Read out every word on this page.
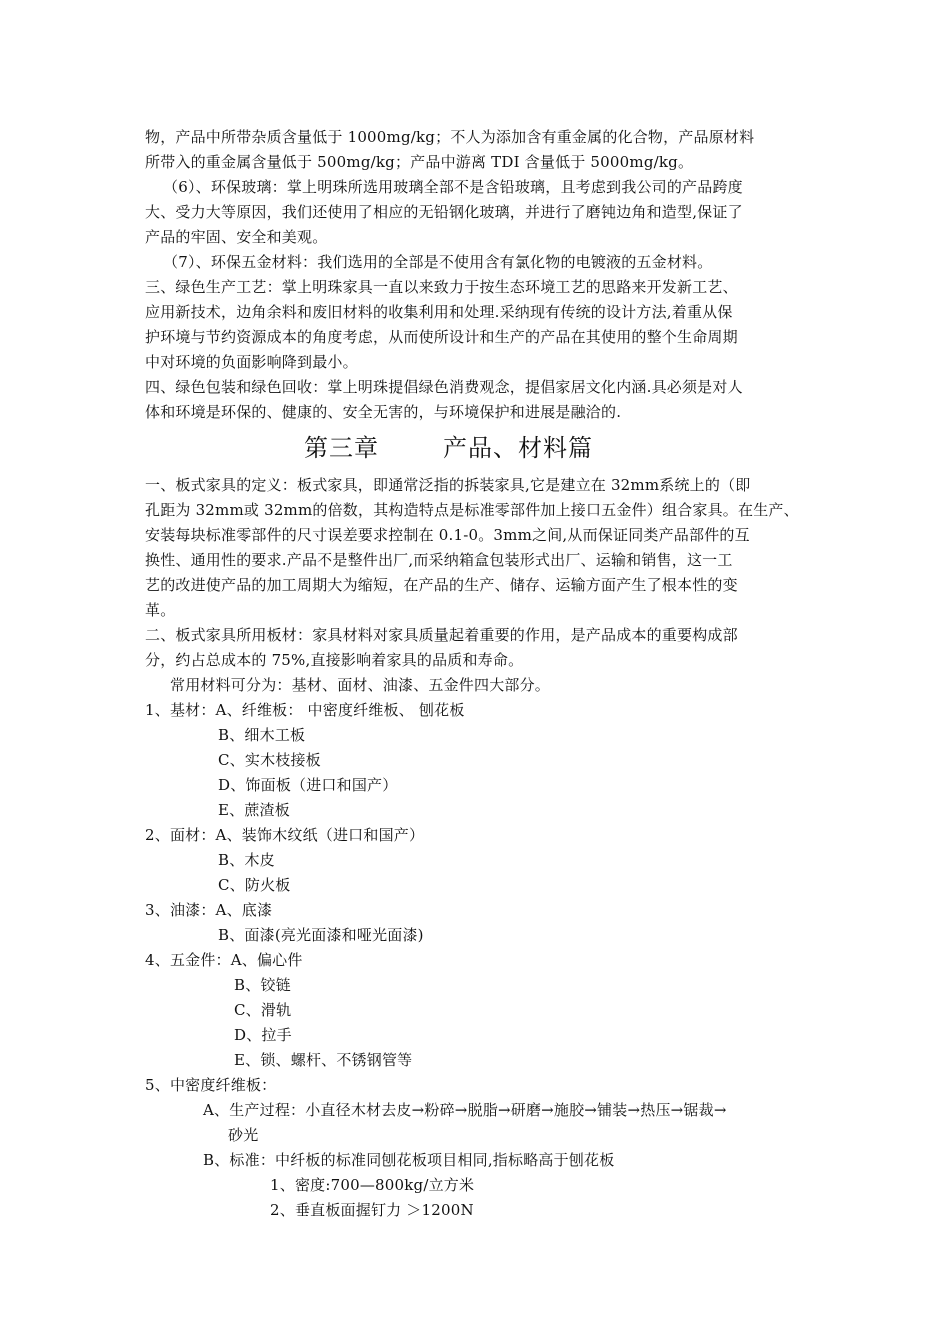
物，产品中所带杂质含量低于 1000mg/kg；不人为添加含有重金属的化合物，产品原材料
所带入的重金属含量低于 500mg/kg；产品中游离 TDI 含量低于 5000mg/kg。
（6）、环保玻璃：掌上明珠所选用玻璃全部不是含铅玻璃，且考虑到我公司的产品跨度
大、受力大等原因，我们还使用了相应的无铅钢化玻璃，并进行了磨钝边角和造型,保证了
产品的牢固、安全和美观。
（7）、环保五金材料：我们选用的全部是不使用含有氯化物的电镀液的五金材料。
三、绿色生产工艺：掌上明珠家具一直以来致力于按生态环境工艺的思路来开发新工艺、
应用新技术，边角余料和废旧材料的收集利用和处理.采纳现有传统的设计方法,着重从保
护环境与节约资源成本的角度考虑，从而使所设计和生产的产品在其使用的整个生命周期
中对环境的负面影响降到最小。
四、绿色包装和绿色回收：掌上明珠提倡绿色消费观念，提倡家居文化内涵.具必须是对人
体和环境是环保的、健康的、安全无害的，与环境保护和进展是融洽的.
第三章	产品、材料篇
一、板式家具的定义：板式家具，即通常泛指的拆装家具,它是建立在 32mm系统上的（即
孔距为 32mm或 32mm的倍数，其构造特点是标准零部件加上接口五金件）组合家具。在生产、
安装每块标准零部件的尺寸误差要求控制在 0.1-0。3mm之间,从而保证同类产品部件的互
换性、通用性的要求.产品不是整件出厂,而采纳箱盒包装形式出厂、运输和销售，这一工
艺的改进使产品的加工周期大为缩短，在产品的生产、储存、运输方面产生了根本性的变
革。
二、板式家具所用板材：家具材料对家具质量起着重要的作用，是产品成本的重要构成部
分，约占总成本的 75%,直接影响着家具的品质和寿命。
常用材料可分为：基材、面材、油漆、五金件四大部分。
1、基材：A、纤维板： 中密度纤维板、 刨花板
B、细木工板
C、实木枝接板
D、饰面板（进口和国产）
E、蔗渣板
2、面材：A、装饰木纹纸（进口和国产）
B、木皮
C、防火板
3、油漆：A、底漆
B、面漆(亮光面漆和哑光面漆)
4、五金件：A、偏心件
B、铰链
C、滑轨
D、拉手
E、锁、螺杆、不锈钢管等
5、中密度纤维板：
A、生产过程：小直径木材去皮→粉碎→脱脂→研磨→施胶→铺装→热压→锯裁→
砂光
B、标准：中纤板的标准同刨花板项目相同,指标略高于刨花板
1、密度:700—800kg/立方米
2、垂直板面握钉力 ＞1200N
